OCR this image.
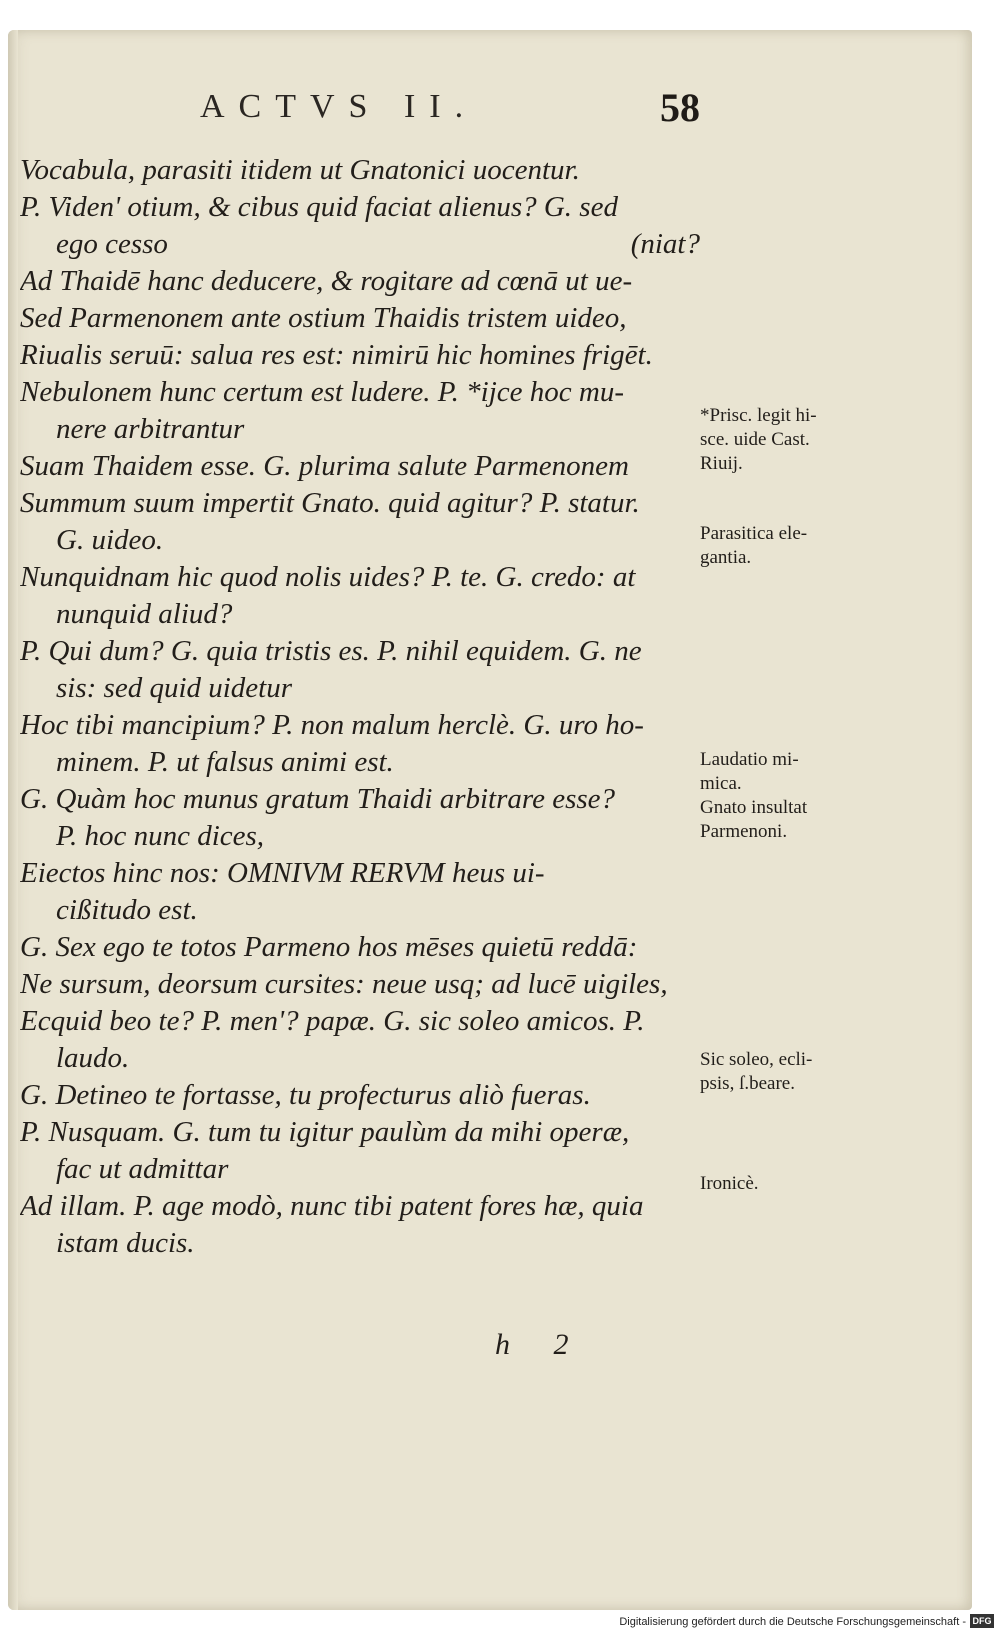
ACTVS II.	58
Vocabula, parasiti itidem ut Gnatonici uocentur.
P. Viden' otium, & cibus quid faciat alienus? G. sed
ego cesso	(niat?
Ad Thaidē hanc deducere, & rogitare ad cœnā ut ue-
Sed Parmenonem ante ostium Thaidis tristem uideo,
Riualis seruū: salua res est: nimirū hic homines frigēt.
Nebulonem hunc certum est ludere. P. *ijce hoc mu-
nere arbitrantur
Suam Thaidem esse. G. plurima salute Parmenonem
Summum suum impertit Gnato. quid agitur? P. statur.
G. uideo.
Nunquidnam hic quod nolis uides? P. te. G. credo: at
nunquid aliud?
P. Qui dum? G. quia tristis es. P. nihil equidem. G. ne
sis: sed quid uidetur
Hoc tibi mancipium? P. non malum herclè. G. uro ho-
minem. P. ut falsus animi est.
G. Quàm hoc munus gratum Thaidi arbitrare esse?
P. hoc nunc dices,
Eiectos hinc nos: OMNIVM RERVM heus ui-
cißitudo est.
G. Sex ego te totos Parmeno hos mēses quietū reddā:
Ne sursum, deorsum cursites: neue usq; ad lucē uigiles,
Ecquid beo te? P. men'? papæ. G. sic soleo amicos. P.
laudo.
G. Detineo te fortasse, tu profecturus aliò fueras.
P. Nusquam. G. tum tu igitur paulùm da mihi operæ,
fac ut admittar
Ad illam. P. age modò, nunc tibi patent fores hæ, quia
istam ducis.
*Prisc. legit hi-
sce. uide Cast.
Riuij.
Parasitica ele-
gantia.
Laudatio mi-
mica.
Gnato insultat
Parmenoni.
Sic soleo, ecli-
psis, ſ.beare.
Ironicè.
h 2
Digitalisierung gefördert durch die Deutsche Forschungsgemeinschaft - DFG
